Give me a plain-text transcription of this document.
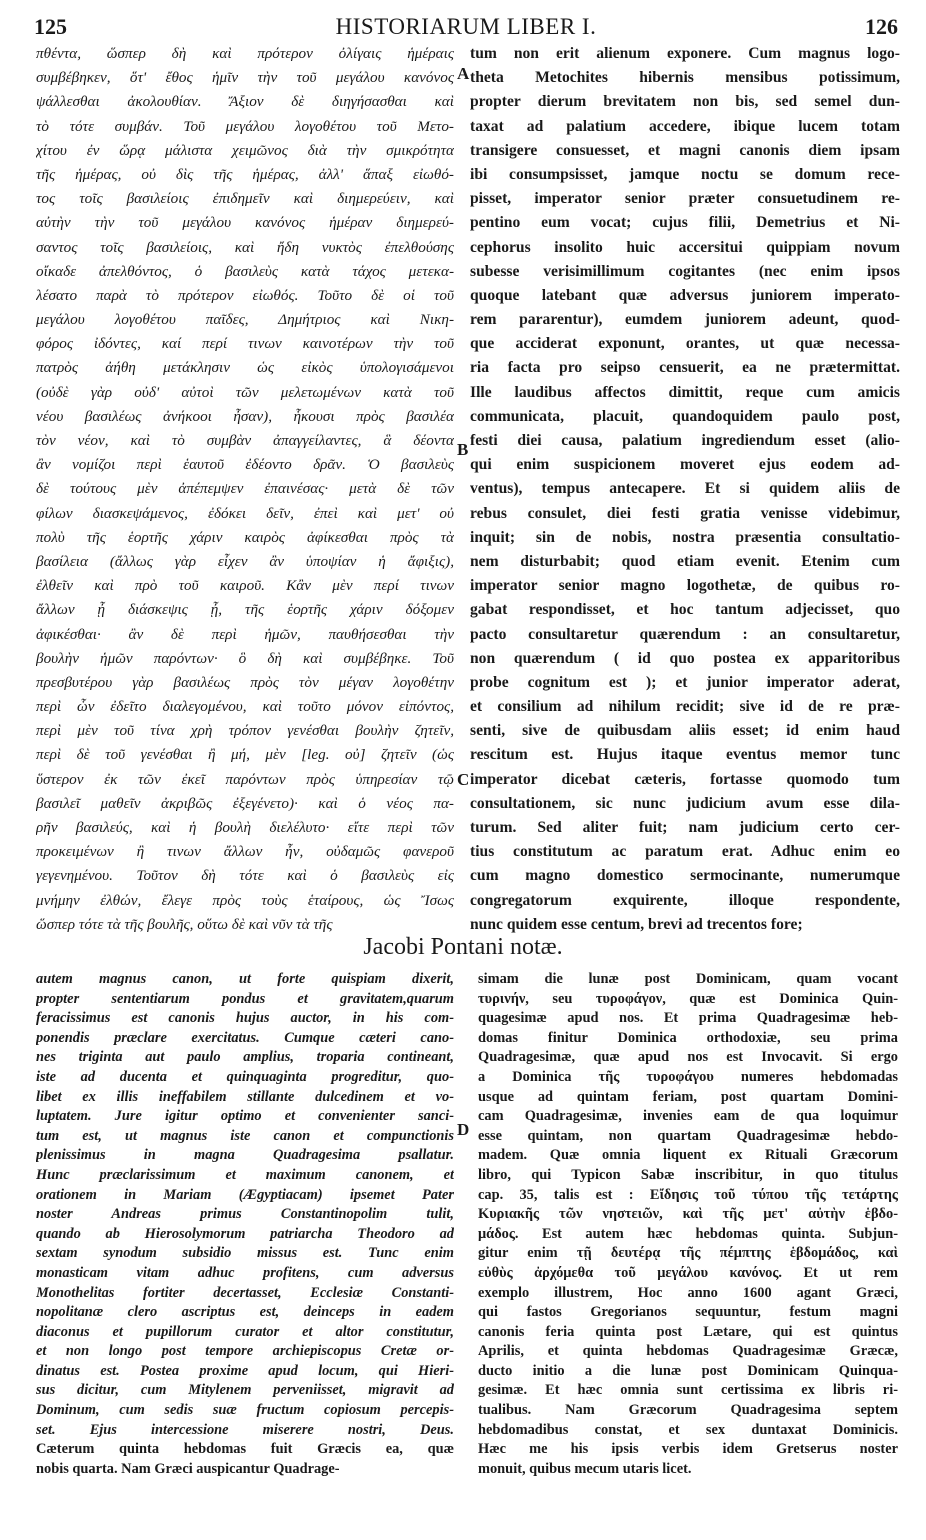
125	HISTORIARUM LIBER I.	126
πθέντα, ὥσπερ δὴ καὶ πρότερον ὀλίγαις ἡμέραις
συμβέβηκεν, ὅτ' ἔθος ἡμῖν τὴν τοῦ μεγάλου κανόνος
ψάλλεσθαι ἀκολουθίαν. Ἄξιον δὲ διηγήσασθαι καὶ
τὸ τότε συμβάν. Τοῦ μεγάλου λογοθέτου τοῦ Μετο-
χίτου ἐν ὥρᾳ μάλιστα χειμῶνος διὰ τὴν σμικρότητα
τῆς ἡμέρας, οὐ δὶς τῆς ἡμέρας, ἀλλ' ἅπαξ εἰωθό-
τος τοῖς βασιλείοις ἐπιδημεῖν καὶ διημερεύειν, καὶ
αὐτὴν τὴν τοῦ μεγάλου κανόνος ἡμέραν διημερεύ-
σαντος τοῖς βασιλείοις, καὶ ἤδη νυκτὸς ἐπελθούσης
οἴκαδε ἀπελθόντος, ὁ βασιλεὺς κατὰ τάχος μετεκα-
λέσατο παρὰ τὸ πρότερον εἰωθός. Τοῦτο δὲ οἱ τοῦ
μεγάλου λογοθέτου παῖδες, Δημήτριος καὶ Νικη-
φόρος ἰδόντες, καί περί τινων καινοτέρων τὴν τοῦ
πατρὸς ἀήθη μετάκλησιν ὡς εἰκὸς ὑπολογισάμενοι
(οὐδὲ γὰρ οὐδ' αὐτοὶ τῶν μελετωμένων κατὰ τοῦ
νέου βασιλέως ἀνήκοοι ἦσαν), ἧκουσι πρὸς βασιλέα
τὸν νέον, καὶ τὸ συμβὰν ἀπαγγείλαντες, ἃ δέοντα
ἂν νομίζοι περὶ ἑαυτοῦ ἐδέοντο δρᾶν. Ὁ βασιλεὺς
δὲ τούτους μὲν ἀπέπεμψεν ἐπαινέσας· μετὰ δὲ τῶν
φίλων διασκεψάμενος, ἐδόκει δεῖν, ἐπεὶ καὶ μετ' οὐ
πολὺ τῆς ἑορτῆς χάριν καιρὸς ἀφίκεσθαι πρὸς τὰ
βασίλεια (ἄλλως γὰρ εἶχεν ἂν ὑποψίαν ἡ ἄφιξις),
ἐλθεῖν καὶ πρὸ τοῦ καιροῦ. Κἂν μὲν περί τινων
ἄλλων ᾖ διάσκεψις ᾖ, τῆς ἑορτῆς χάριν δόξομεν
ἀφικέσθαι· ἂν δὲ περὶ ἡμῶν, παυθήσεσθαι τὴν
βουλὴν ἡμῶν παρόντων· ὃ δὴ καὶ συμβέβηκε. Τοῦ
πρεσβυτέρου γὰρ βασιλέως πρὸς τὸν μέγαν λογοθέτην
περὶ ὧν ἐδεῖτο διαλεγομένου, καὶ τοῦτο μόνον εἰπόντος,
περὶ μὲν τοῦ τίνα χρὴ τρόπον γενέσθαι βουλὴν ζητεῖν,
περὶ δὲ τοῦ γενέσθαι ἢ μή, μὲν [leg. οὐ] ζητεῖν (ὡς
ὕστερον ἐκ τῶν ἐκεῖ παρόντων πρὸς ὑπηρεσίαν τῷ
βασιλεῖ μαθεῖν ἀκριβῶς ἐξεγένετο)· καὶ ὁ νέος πα-
ρῆν βασιλεύς, καὶ ἡ βουλὴ διελέλυτο· εἴτε περὶ τῶν
προκειμένων ἢ τινων ἄλλων ἦν, οὐδαμῶς φανεροῦ
γεγενημένου. Τοῦτον δὴ τότε καὶ ὁ βασιλεὺς εἰς
μνήμην ἐλθών, ἔλεγε πρὸς τοὺς ἑταίρους, ὡς Ἴσως
ὥσπερ τότε τὰ τῆς βουλῆς, οὕτω δὲ καὶ νῦν τὰ τῆς
tum non erit alienum exponere. Cum magnus logo-
theta Metochites hibernis mensibus potissimum,
propter dierum brevitatem non bis, sed semel dun-
taxat ad palatium accedere, ibique lucem totam
transigere consuesset, et magni canonis diem ipsam
ibi consumpsisset, jamque noctu se domum rece-
pisset, imperator senior præter consuetudinem re-
pentino eum vocat; cujus filii, Demetrius et Ni-
cephorus insolito huic accersitui quippiam novum
subesse verisimillimum cogitantes (nec enim ipsos
quoque latebant quæ adversus juniorem imperato-
rem pararentur), eumdem juniorem adeunt, quod-
que acciderat exponunt, orantes, ut quæ necessa-
ria facta pro seipso censuerit, ea ne prætermittat.
Ille laudibus affectos dimittit, reque cum amicis
communicata, placuit, quandoquidem paulo post,
festi diei causa, palatium ingrediendum esset (alio-
qui enim suspicionem moveret ejus eodem ad-
ventus), tempus antecapere. Et si quidem aliis de
rebus consulet, diei festi gratia venisse videbimur,
inquit; sin de nobis, nostra præsentia consultatio-
nem disturbabit; quod etiam evenit. Etenim cum
imperator senior magno logothetæ, de quibus ro-
gabat respondisset, et hoc tantum adjecisset, quo
pacto consultaretur quærendum : an consultaretur,
non quærendum ( id quo postea ex apparitoribus
probe cognitum est ); et junior imperator aderat,
et consilium ad nihilum recidit; sive id de re præ-
senti, sive de quibusdam aliis esset; id enim haud
rescitum est. Hujus itaque eventus memor tunc
imperator dicebat cæteris, fortasse quomodo tum
consultationem, sic nunc judicium avum esse dila-
turum. Sed aliter fuit; nam judicium certo cer-
tius constitutum ac paratum erat. Adhuc enim eo
cum magno domestico sermocinante, numerumque
congregatorum exquirente, illoque respondente,
nunc quidem esse centum, brevi ad trecentos fore;
A
B
C
D
Jacobi Pontani notæ.
autem magnus canon, ut forte quispiam dixerit,
propter sententiarum pondus et gravitatem,quarum
feracissimus est canonis hujus auctor, in his com-
ponendis præclare exercitatus. Cumque cæteri cano-
nes triginta aut paulo amplius, troparia contineant,
iste ad ducenta et quinquaginta progreditur, quo-
libet ex illis ineffabilem stillante dulcedinem et vo-
luptatem. Jure igitur optimo et convenienter sanci-
tum est, ut magnus iste canon et compunctionis
plenissimus in magna Quadragesima psallatur.
Hunc præclarissimum et maximum canonem, et
orationem in Mariam (Ægyptiacam) ipsemet Pater
noster Andreas primus Constantinopolim tulit,
quando ab Hierosolymorum patriarcha Theodoro ad
sextam synodum subsidio missus est. Tunc enim
monasticam vitam adhuc profitens, cum adversus
Monothelitas fortiter decertasset, Ecclesiæ Constanti-
nopolitanæ clero ascriptus est, deinceps in eadem
diaconus et pupillorum curator et altor constitutur,
et non longo post tempore archiepiscopus Cretæ or-
dinatus est. Postea proxime apud locum, qui Hieri-
sus dicitur, cum Mitylenem perveniisset, migravit ad
Dominum, cum sedis suæ fructum copiosum percepis-
set. Ejus intercessione miserere nostri, Deus.
Cæterum quinta hebdomas fuit Græcis ea, quæ
nobis quarta. Nam Græci auspicantur Quadrage-
simam die lunæ post Dominicam, quam vocant
τυρινήν, seu τυροφάγον, quæ est Dominica Quin-
quagesimæ apud nos. Et prima Quadragesimæ heb-
domas finitur Dominica orthodoxiæ, seu prima
Quadragesimæ, quæ apud nos est Invocavit. Si ergo
a Dominica τῆς τυροφάγου numeres hebdomadas
usque ad quintam feriam, post quartam Domini-
cam Quadragesimæ, invenies eam de qua loquimur
esse quintam, non quartam Quadragesimæ hebdo-
madem. Quæ omnia liquent ex Rituali Græcorum
libro, qui Typicon Sabæ inscribitur, in quo titulus
cap. 35, talis est : Εἴδησις τοῦ τύπου τῆς τετάρτης
Κυριακῆς τῶν νηστειῶν, καὶ τῆς μετ' αὐτὴν ἑβδο-
μάδος. Est autem hæc hebdomas quinta. Subjun-
gitur enim τῇ δευτέρᾳ τῆς πέμπτης ἑβδομάδος, καὶ
εὐθὺς ἀρχόμεθα τοῦ μεγάλου κανόνος. Et ut rem
exemplo illustrem, Hoc anno 1600 agant Græci,
qui fastos Gregorianos sequuntur, festum magni
canonis feria quinta post Lætare, qui est quintus
Aprilis, et quinta hebdomas Quadragesimæ Græcæ,
ducto initio a die lunæ post Dominicam Quinqua-
gesimæ. Et hæc omnia sunt certissima ex libris ri-
tualibus. Nam Græcorum Quadragesima septem
hebdomadibus constat, et sex duntaxat Dominicis.
Hæc me his ipsis verbis idem Gretserus noster
monuit, quibus mecum utaris licet.
